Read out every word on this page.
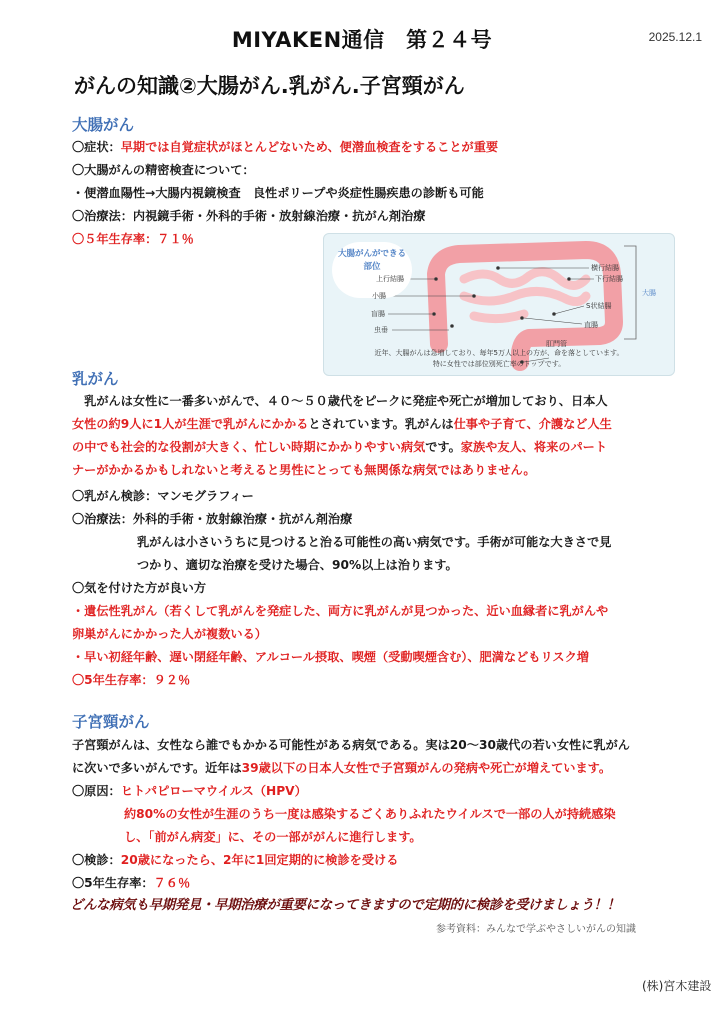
MIYAKEN通信　第２４号	2025.12.1
がんの知識②大腸がん.乳がん.子宮頸がん
大腸がん
〇症状：早期では自覚症状がほとんどないため、便潜血検査をすることが重要
〇大腸がんの精密検査について：
・便潜血陽性→大腸内視鏡検査　良性ポリープや炎症性腸疾患の診断も可能
〇治療法：内視鏡手術・外科的手術・放射線治療・抗がん剤治療
〇５年生存率：７１％
大腸がんができる部位
上行結腸
小腸
盲腸
虫垂
横行結腸
下行結腸
S状結腸
直腸
肛門管
大腸
近年、大腸がんは急増しており、毎年5万人以上の方が、命を落としています。
特に女性では部位別死亡率のトップです。
乳がん
　乳がんは女性に一番多いがんで、４０～５０歳代をピークに発症や死亡が増加しており、日本人
女性の約9人に1人が生涯で乳がんにかかるとされています。乳がんは仕事や子育て、介護など人生
の中でも社会的な役割が大きく、忙しい時期にかかりやすい病気です。家族や友人、将来のパート
ナーがかかるかもしれないと考えると男性にとっても無関係な病気ではありません。
〇乳がん検診：マンモグラフィー
〇治療法：外科的手術・放射線治療・抗がん剤治療
乳がんは小さいうちに見つけると治る可能性の高い病気です。手術が可能な大きさで見
つかり、適切な治療を受けた場合、90%以上は治ります。
〇気を付けた方が良い方
・遺伝性乳がん（若くして乳がんを発症した、両方に乳がんが見つかった、近い血縁者に乳がんや
卵巣がんにかかった人が複数いる）
・早い初経年齢、遅い閉経年齢、アルコール摂取、喫煙（受動喫煙含む）、肥満などもリスク増
〇5年生存率：９２％
子宮頸がん
子宮頸がんは、女性なら誰でもかかる可能性がある病気である。実は20～30歳代の若い女性に乳がん
に次いで多いがんです。近年は39歳以下の日本人女性で子宮頸がんの発病や死亡が増えています。
〇原因：ヒトパピローマウイルス（HPV）
約80%の女性が生涯のうち一度は感染するごくありふれたウイルスで一部の人が持続感染
し、「前がん病変」に、その一部ががんに進行します。
〇検診：20歳になったら、2年に1回定期的に検診を受ける
〇5年生存率：７６％
どんな病気も早期発見・早期治療が重要になってきますので定期的に検診を受けましょう！！
参考資料：みんなで学ぶやさしいがんの知識
(株)宮木建設
